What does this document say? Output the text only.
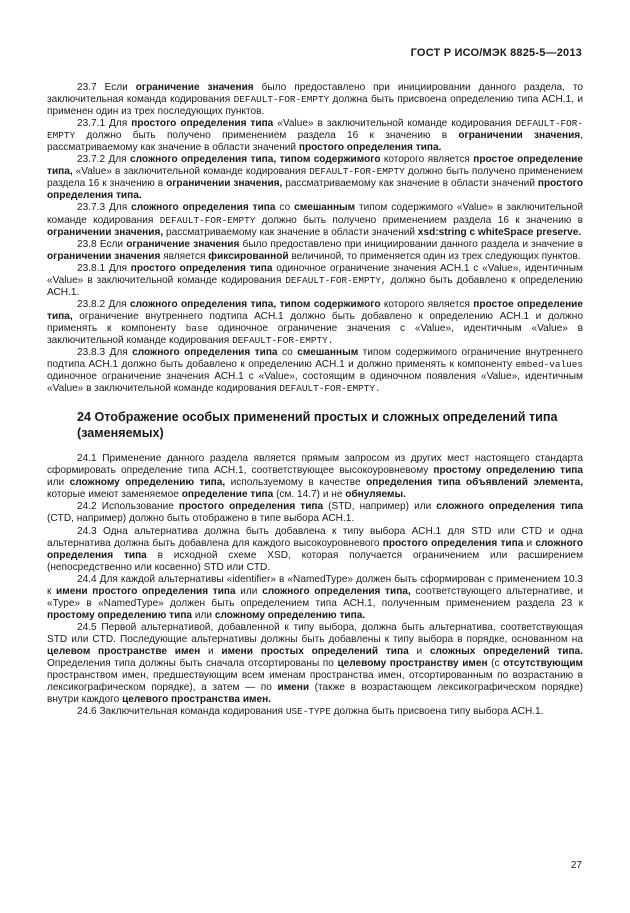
ГОСТ Р ИСО/МЭК 8825-5—2013

23.7 Если ограничение значения было предоставлено при инициировании данного раздела, то заключительная команда кодирования DEFAULT-FOR-EMPTY должна быть присвоена определению типа АСН.1, и применен один из трех последующих пунктов.

23.7.1 Для простого определения типа «Value» в заключительной команде кодирования DEFAULT-FOR-EMPTY должно быть получено применением раздела 16 к значению в ограничении значения, рассматриваемому как значение в области значений простого определения типа.

23.7.2 Для сложного определения типа, типом содержимого которого является простое определение типа, «Value» в заключительной команде кодирования DEFAULT-FOR-EMPTY должно быть получено применением раздела 16 к значению в ограничении значения, рассматриваемому как значение в области значений простого определения типа.

23.7.3 Для сложного определения типа со смешанным типом содержимого «Value» в заключительной команде кодирования DEFAULT-FOR-EMPTY должно быть получено применением раздела 16 к значению в ограничении значения, рассматриваемому как значение в области значений xsd:string с whiteSpace preserve.

23.8 Если ограничение значения было предоставлено при инициировании данного раздела и значение в ограничении значения является фиксированной величиной, то применяется один из трех следующих пунктов.

23.8.1 Для простого определения типа одиночное ограничение значения АСН.1 с «Value», идентичным «Value» в заключительной команде кодирования DEFAULT-FOR-EMPTY, должно быть добавлено к определению АСН.1.

23.8.2 Для сложного определения типа, типом содержимого которого является простое определение типа, ограничение внутреннего подтипа АСН.1 должно быть добавлено к определению АСН.1 и должно применять к компоненту base одиночное ограничение значения с «Value», идентичным «Value» в заключительной команде кодирования DEFAULT-FOR-EMPTY.

23.8.3 Для сложного определения типа со смешанным типом содержимого ограничение внутреннего подтипа АСН.1 должно быть добавлено к определению АСН.1 и должно применять к компоненту embed-values одиночное ограничение значения АСН.1 с «Value», состоящим в одиночном появления «Value», идентичным «Value» в заключительной команде кодирования DEFAULT-FOR-EMPTY.

24 Отображение особых применений простых и сложных определений типа
(заменяемых)

24.1 Применение данного раздела является прямым запросом из других мест настоящего стандарта сформировать определение типа АСН.1, соответствующее высокоуровневому простому определению типа или сложному определению типа, используемому в качестве определения типа объявлений элемента, которые имеют заменяемое определение типа (см. 14.7) и не обнуляемы.

24.2 Использование простого определения типа (STD, например) или сложного определения типа (CTD, например) должно быть отображено в типе выбора АСН.1.

24.3 Одна альтернатива должна быть добавлена к типу выбора АСН.1 для STD или CTD и одна альтернатива должна быть добавлена для каждого высокоуровневого простого определения типа и сложного определения типа в исходной схеме XSD, которая получается ограничением или расширением (непосредственно или косвенно) STD или CTD.

24.4 Для каждой альтернативы «identifier» в «NamedType» должен быть сформирован с применением 10.3 к имени простого определения типа или сложного определения типа, соответствующего альтернативе, и «Type» в «NamedType» должен быть определением типа АСН.1, полученным применением раздела 23 к простому определению типа или сложному определению типа.

24.5 Первой альтернативой, добавленной к типу выбора, должна быть альтернатива, соответствующая STD или CTD. Последующие альтернативы должны быть добавлены к типу выбора в порядке, основанном на целевом пространстве имен и имени простых определений типа и сложных определений типа. Определения типа должны быть сначала отсортированы по целевому пространству имен (с отсутствующим пространством имен, предшествующим всем именам пространства имен, отсортированным по возрастанию в лексикографическом порядке), а затем — по имени (также в возрастающем лексикографическом порядке) внутри каждого целевого пространства имен.

24.6 Заключительная команда кодирования USE-TYPE должна быть присвоена типу выбора АСН.1.

27
